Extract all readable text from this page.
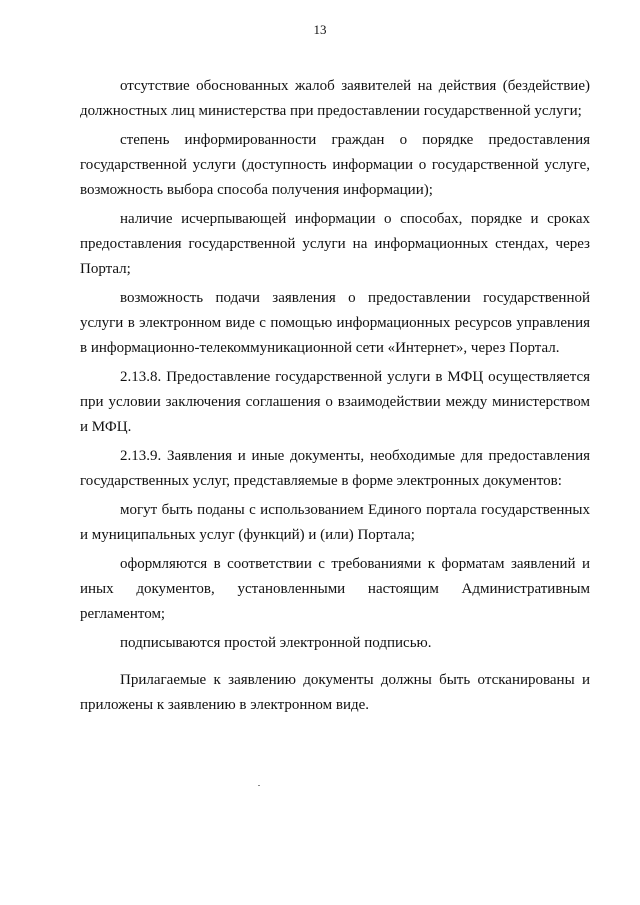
13

отсутствие обоснованных жалоб заявителей на действия (бездействие) должностных лиц министерства при предоставлении государственной услуги;

степень информированности граждан о порядке предоставления государственной услуги (доступность информации о государственной услуге, возможность выбора способа получения информации);

наличие исчерпывающей информации о способах, порядке и сроках предоставления государственной услуги на информационных стендах, через Портал;

возможность подачи заявления о предоставлении государственной услуги в электронном виде с помощью информационных ресурсов управления в информационно-телекоммуникационной сети «Интернет», через Портал.

2.13.8. Предоставление государственной услуги в МФЦ осуществляется при условии заключения соглашения о взаимодействии между министерством и МФЦ.

2.13.9. Заявления и иные документы, необходимые для предоставления государственных услуг, представляемые в форме электронных документов:

могут быть поданы с использованием Единого портала государственных и муниципальных услуг (функций) и (или) Портала;

оформляются в соответствии с требованиями к форматам заявлений и иных документов, установленными настоящим Административным регламентом;

подписываются простой электронной подписью.

Прилагаемые к заявлению документы должны быть отсканированы и приложены к заявлению в электронном виде.
